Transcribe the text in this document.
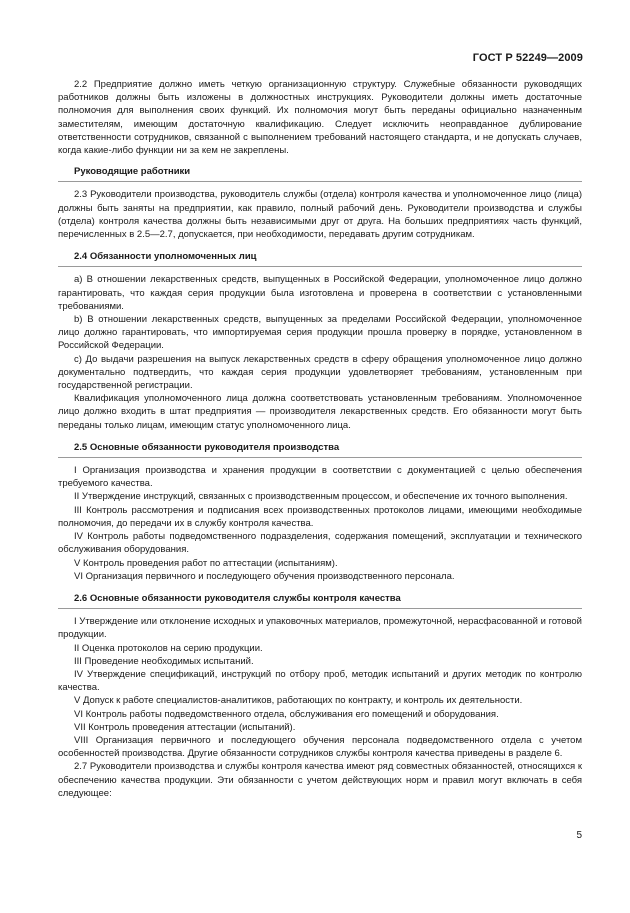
ГОСТ Р 52249—2009

2.2 Предприятие должно иметь четкую организационную структуру. Служебные обязанности руководящих работников должны быть изложены в должностных инструкциях. Руководители должны иметь достаточные полномочия для выполнения своих функций. Их полномочия могут быть переданы официально назначенным заместителям, имеющим достаточную квалификацию. Следует исключить неоправданное дублирование ответственности сотрудников, связанной с выполнением требований настоящего стандарта, и не допускать случаев, когда какие-либо функции ни за кем не закреплены.

Руководящие работники

2.3 Руководители производства, руководитель службы (отдела) контроля качества и уполномоченное лицо (лица) должны быть заняты на предприятии, как правило, полный рабочий день. Руководители производства и службы (отдела) контроля качества должны быть независимыми друг от друга. На больших предприятиях часть функций, перечисленных в 2.5—2.7, допускается, при необходимости, передавать другим сотрудникам.

2.4 Обязанности уполномоченных лиц

a) В отношении лекарственных средств, выпущенных в Российской Федерации, уполномоченное лицо должно гарантировать, что каждая серия продукции была изготовлена и проверена в соответствии с установленными требованиями.

b) В отношении лекарственных средств, выпущенных за пределами Российской Федерации, уполномоченное лицо должно гарантировать, что импортируемая серия продукции прошла проверку в порядке, установленном в Российской Федерации.

c) До выдачи разрешения на выпуск лекарственных средств в сферу обращения уполномоченное лицо должно документально подтвердить, что каждая серия продукции удовлетворяет требованиям, установленным при государственной регистрации.

Квалификация уполномоченного лица должна соответствовать установленным требованиям. Уполномоченное лицо должно входить в штат предприятия — производителя лекарственных средств. Его обязанности могут быть переданы только лицам, имеющим статус уполномоченного лица.

2.5 Основные обязанности руководителя производства

I Организация производства и хранения продукции в соответствии с документацией с целью обеспечения требуемого качества.

II Утверждение инструкций, связанных с производственным процессом, и обеспечение их точного выполнения.

III Контроль рассмотрения и подписания всех производственных протоколов лицами, имеющими необходимые полномочия, до передачи их в службу контроля качества.

IV Контроль работы подведомственного подразделения, содержания помещений, эксплуатации и технического обслуживания оборудования.

V Контроль проведения работ по аттестации (испытаниям).

VI Организация первичного и последующего обучения производственного персонала.

2.6 Основные обязанности руководителя службы контроля качества

I Утверждение или отклонение исходных и упаковочных материалов, промежуточной, нерасфасованной и готовой продукции.

II Оценка протоколов на серию продукции.

III Проведение необходимых испытаний.

IV Утверждение спецификаций, инструкций по отбору проб, методик испытаний и других методик по контролю качества.

V Допуск к работе специалистов-аналитиков, работающих по контракту, и контроль их деятельности.

VI Контроль работы подведомственного отдела, обслуживания его помещений и оборудования.

VII Контроль проведения аттестации (испытаний).

VIII Организация первичного и последующего обучения персонала подведомственного отдела с учетом особенностей производства. Другие обязанности сотрудников службы контроля качества приведены в разделе 6.

2.7 Руководители производства и службы контроля качества имеют ряд совместных обязанностей, относящихся к обеспечению качества продукции. Эти обязанности с учетом действующих норм и правил могут включать в себя следующее:

5
